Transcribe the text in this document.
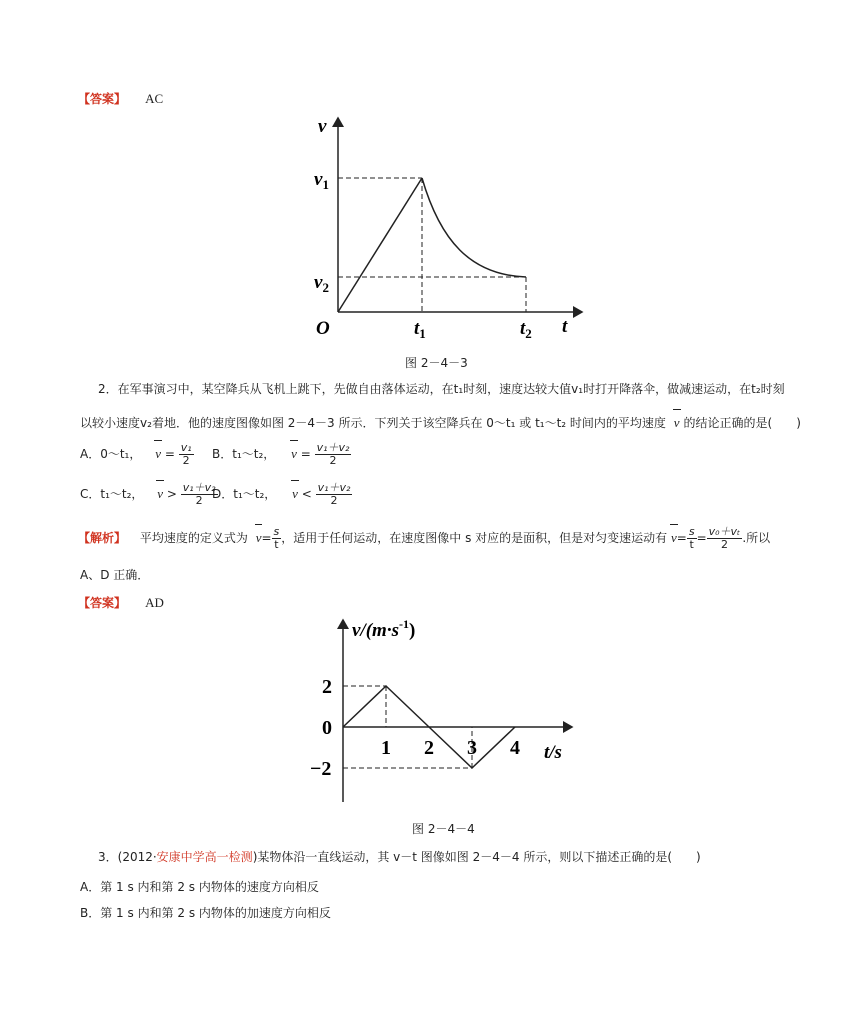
【答案】 AC
v
$v_1$
$v_2$
O	$t_1$	$t_2$ t
图 2－4－3
2．在军事演习中，某空降兵从飞机上跳下，先做自由落体运动，在t₁时刻，速度达较大值v₁时打开降落伞，做减速运动，在t₂时刻
以较小速度v₂着地．他的速度图像如图 2－4－3 所示．下列关于该空降兵在 0～t₁ 或 t₁～t₂ 时间内的平均速度 v 的结论正确的是(　　)
A．0～t₁， $v = \frac{\text{v₁}}{2}$ B．t₁～t₂， $v = \frac{\text{v₁＋v₂}}{2}$
C．t₁～t₂， $v > \frac{\text{v₁＋v₂}}{2}$
D．t₁～t₂， $v < \frac{\text{v₁＋v₂}}{2}$
【解析】 平均速度的定义式为 $v= \frac{s}{t}$ ，适用于任何运动，在速度图像中 s 对应的是面积，但是对匀变速运动有 $v= \frac{s}{t} = \frac{\text{v₀＋vₜ}}{2}$ .所以
A、D 正确．
【答案】 AD
2
0
−2
1 2 3 4
$v/(m\cdot s^{-1})$
t/s
图 2－4－4
3．(2012·安康中学高一检测)某物体沿一直线运动，其 v－t 图像如图 2－4－4 所示，则以下描述正确的是(　　)
A．第 1 s 内和第 2 s 内物体的速度方向相反
B．第 1 s 内和第 2 s 内物体的加速度方向相反
